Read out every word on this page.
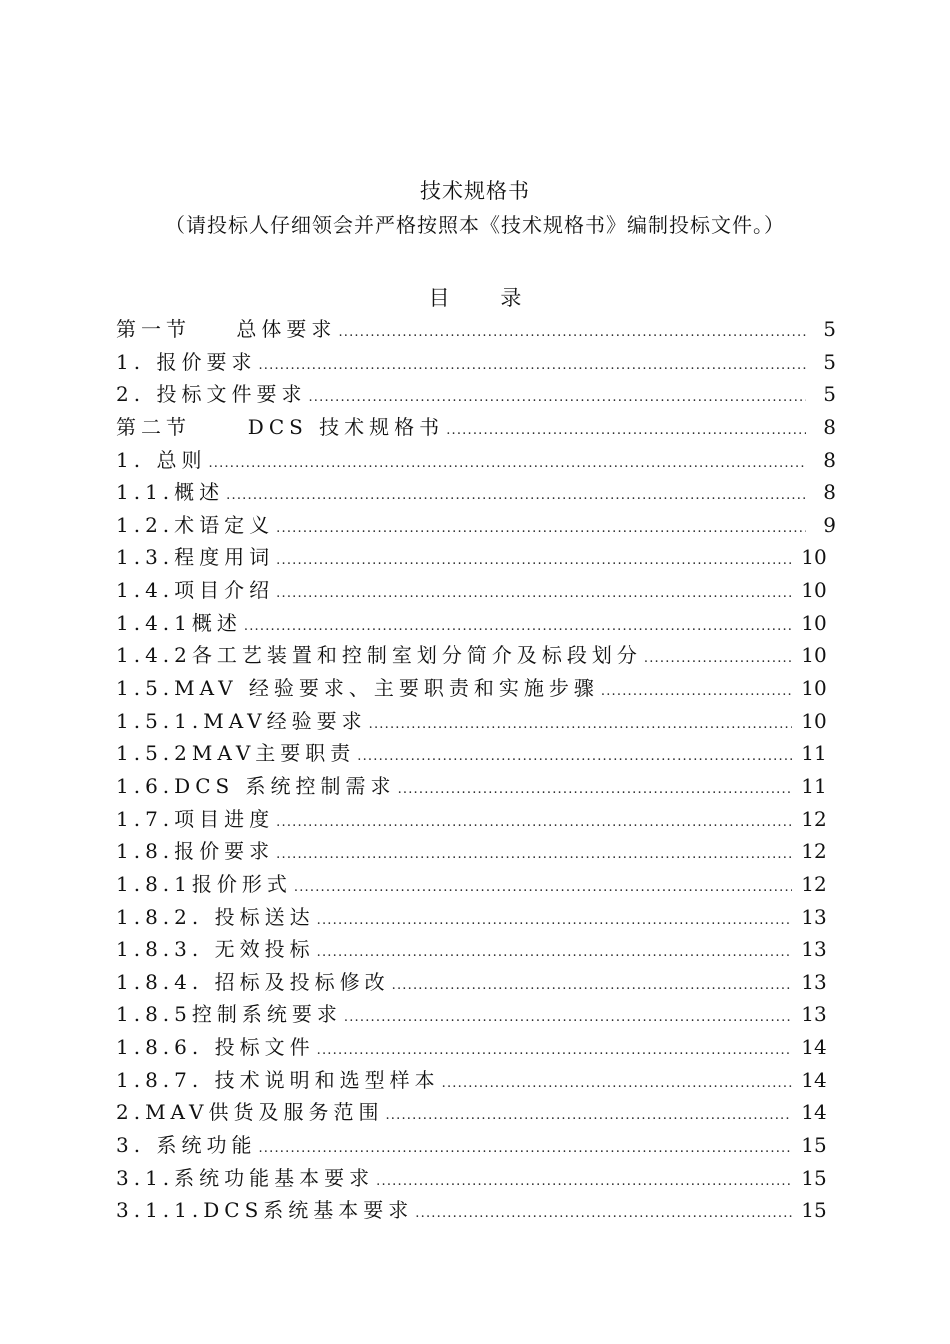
技术规格书
（请投标人仔细领会并严格按照本《技术规格书》编制投标文件。）
目 录
第一节    总体要求 .....	5
1. 报价要求 .....	5
2. 投标文件要求 .....	5
第二节     DCS 技术规格书 .....	8
1. 总则 .....	8
1.1.概述 .....	8
1.2.术语定义 .....	9
1.3.程度用词 .....	10
1.4.项目介绍 .....	10
1.4.1概述 .....	10
1.4.2各工艺装置和控制室划分简介及标段划分 .....	10
1.5.MAV 经验要求、主要职责和实施步骤 .....	10
1.5.1.MAV经验要求 .....	10
1.5.2MAV主要职责 .....	11
1.6.DCS 系统控制需求 .....	11
1.7.项目进度 .....	12
1.8.报价要求 .....	12
1.8.1报价形式 .....	12
1.8.2. 投标送达 .....	13
1.8.3. 无效投标 .....	13
1.8.4. 招标及投标修改 .....	13
1.8.5控制系统要求 .....	13
1.8.6. 投标文件 .....	14
1.8.7. 技术说明和选型样本 .....	14
2.MAV供货及服务范围 .....	14
3. 系统功能 .....	15
3.1.系统功能基本要求 .....	15
3.1.1.DCS系统基本要求 .....	15
